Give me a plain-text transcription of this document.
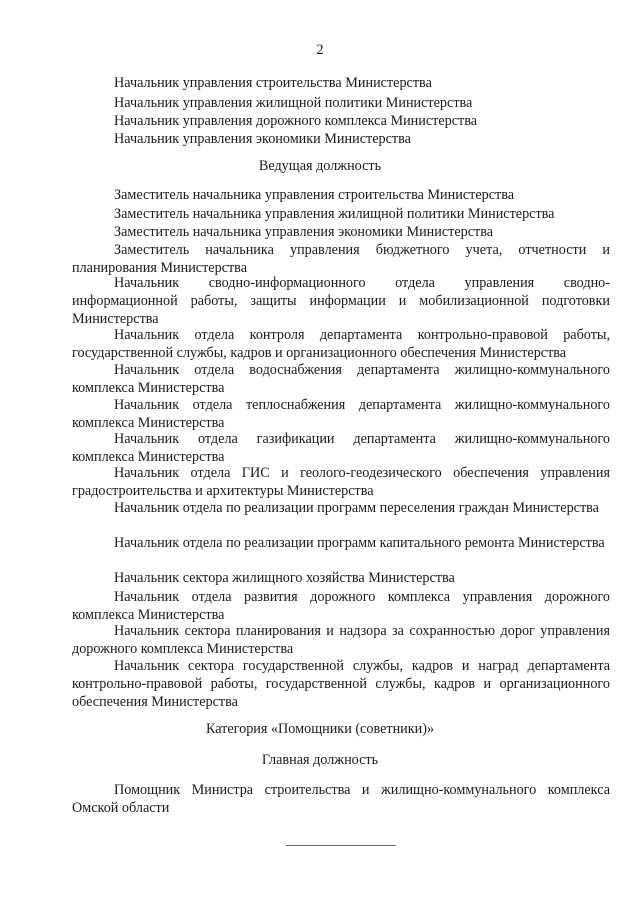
2
Начальник управления строительства Министерства
Начальник управления жилищной политики Министерства
Начальник управления дорожного комплекса Министерства
Начальник управления экономики Министерства
Ведущая должность
Заместитель начальника управления строительства Министерства
Заместитель начальника управления жилищной политики Министерства
Заместитель начальника управления экономики Министерства
Заместитель начальника управления бюджетного учета, отчетности и планирования Министерства
Начальник сводно-информационного отдела управления сводно-информационной работы, защиты информации и мобилизационной подготовки Министерства
Начальник отдела контроля департамента контрольно-правовой работы, государственной службы, кадров и организационного обеспечения Министерства
Начальник отдела водоснабжения департамента жилищно-коммунального комплекса Министерства
Начальник отдела теплоснабжения департамента жилищно-коммунального комплекса Министерства
Начальник отдела газификации департамента жилищно-коммунального комплекса Министерства
Начальник отдела ГИС и геолого-геодезического обеспечения управления градостроительства и архитектуры Министерства
Начальник отдела по реализации программ переселения граждан Министерства
Начальник отдела по реализации программ капитального ремонта Министерства
Начальник сектора жилищного хозяйства Министерства
Начальник отдела развития дорожного комплекса управления дорожного комплекса Министерства
Начальник сектора планирования и надзора за сохранностью дорог управления дорожного комплекса Министерства
Начальник сектора государственной службы, кадров и наград департамента контрольно-правовой работы, государственной службы, кадров и организационного обеспечения Министерства
Категория «Помощники (советники)»
Главная должность
Помощник Министра строительства и жилищно-коммунального комплекса Омской области
